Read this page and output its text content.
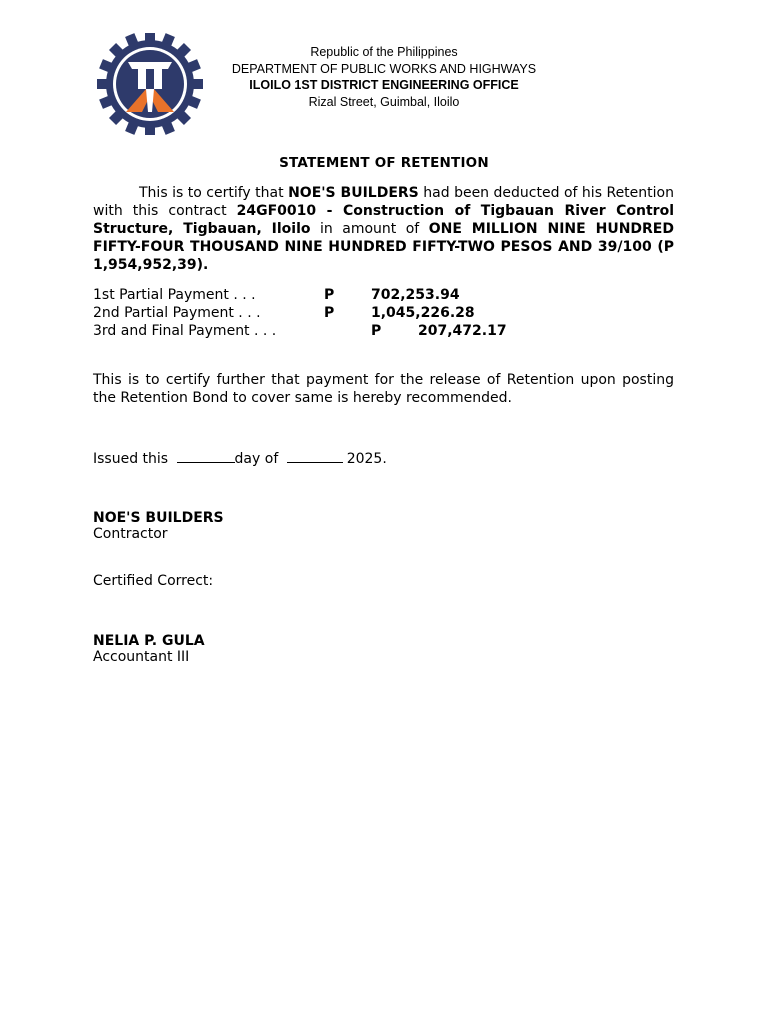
Republic of the Philippines
DEPARTMENT OF PUBLIC WORKS AND HIGHWAYS
ILOILO 1ST DISTRICT ENGINEERING OFFICE
Rizal Street, Guimbal, Iloilo
STATEMENT OF RETENTION
This is to certify that NOE'S BUILDERS had been deducted of his Retention with this contract 24GF0010 - Construction of Tigbauan River Control Structure, Tigbauan, Iloilo in amount of ONE MILLION NINE HUNDRED FIFTY-FOUR THOUSAND NINE HUNDRED FIFTY-TWO PESOS AND 39/100 (P 1,954,952,39).
1st Partial Payment . . .	P	702,253.94
2nd Partial Payment . . .	P	1,045,226.28
3rd and Final Payment . . .	P	207,472.17
This is to certify further that payment for the release of Retention upon posting the Retention Bond to cover same is hereby recommended.
Issued this	day of	2025.
NOE'S BUILDERS
Contractor
Certified Correct:
NELIA P. GULA
Accountant III
